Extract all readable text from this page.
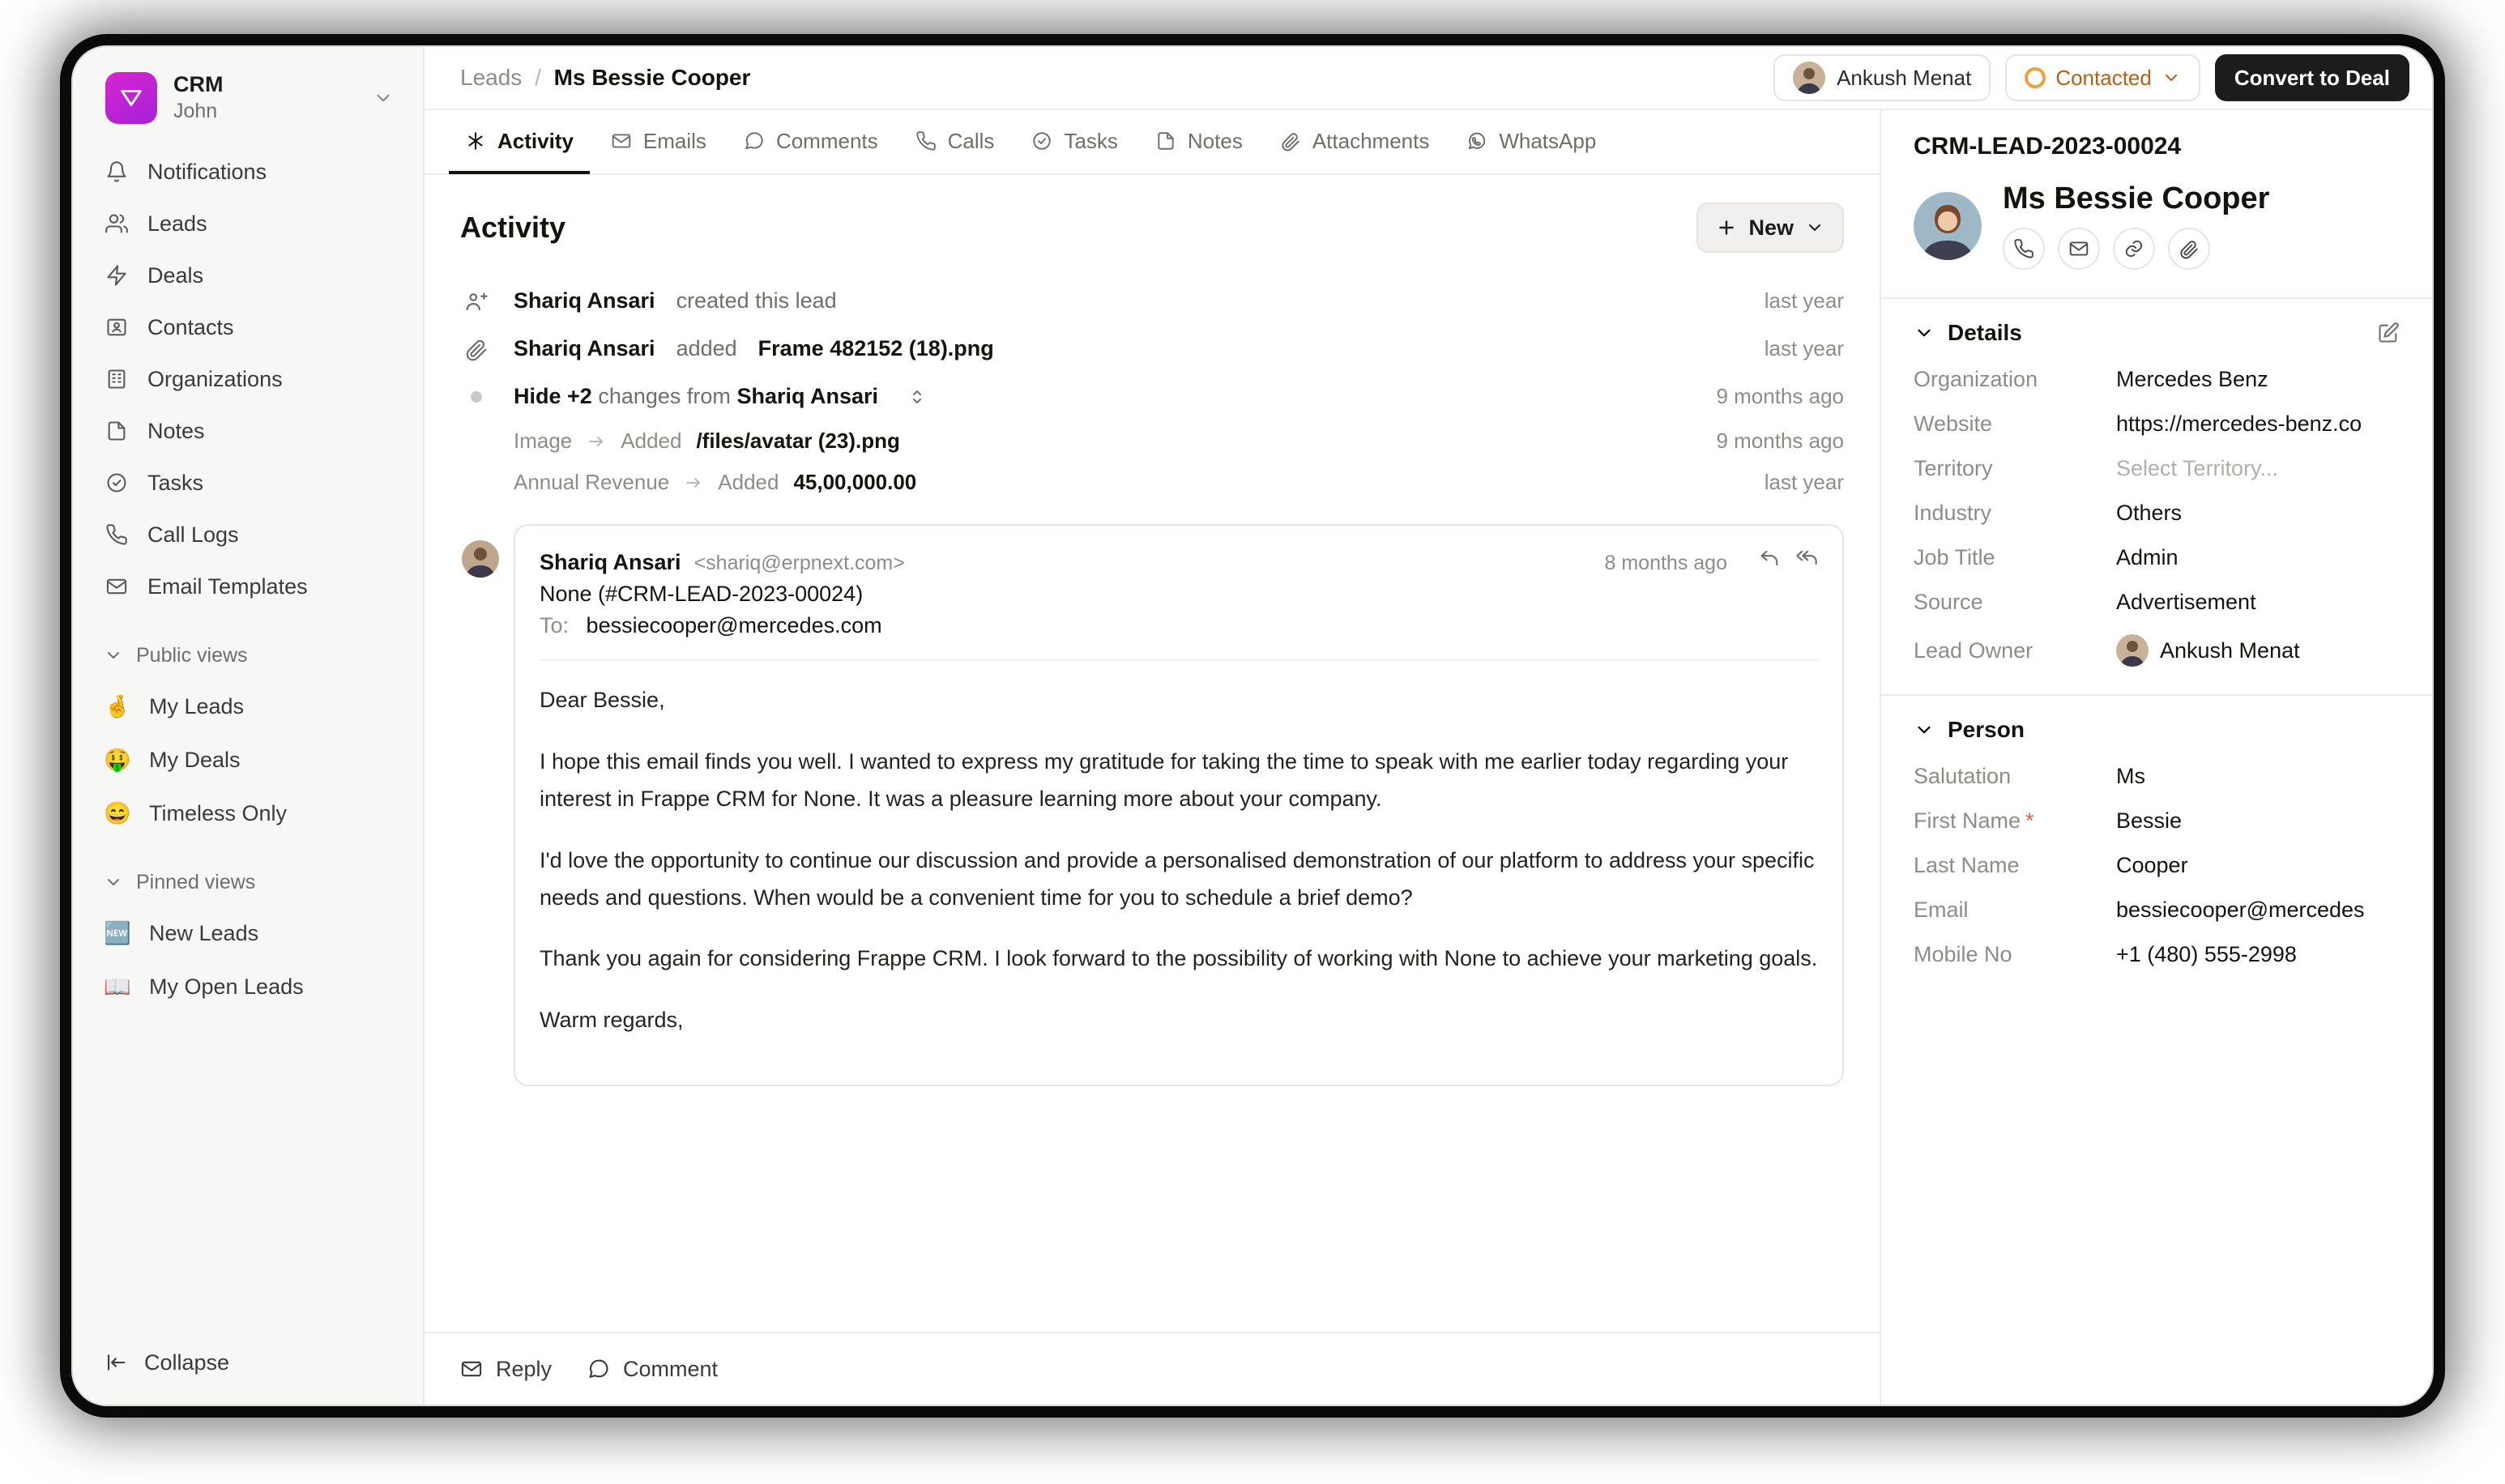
CRM
John
Notifications
Leads
Deals
Contacts
Organizations
Notes
Tasks
Call Logs
Email Templates
Public views
🤞 My Leads
🤑 My Deals
😄 Timeless Only
Pinned views
🆕 New Leads
📖 My Open Leads
Collapse
Leads / Ms Bessie Cooper	Ankush Menat	Contacted	Convert to Deal
Activity	Emails	Comments	Calls	Tasks	Notes	Attachments	WhatsApp
Activity	New
Shariq Ansari created this lead	last year
Shariq Ansari added Frame 482152 (18).png	last year
Hide +2 changes from Shariq Ansari	9 months ago
Image Added /files/avatar (23).png	9 months ago
Annual Revenue Added 45,00,000.00	last year
Shariq Ansari <shariq@erpnext.com>	8 months ago
None (#CRM-LEAD-2023-00024)
To: bessiecooper@mercedes.com

Dear Bessie,

I hope this email finds you well. I wanted to express my gratitude for taking the time to speak with me earlier today regarding your interest in Frappe CRM for None. It was a pleasure learning more about your company.

I'd love the opportunity to continue our discussion and provide a personalised demonstration of our platform to address your specific needs and questions. When would be a convenient time for you to schedule a brief demo?

Thank you again for considering Frappe CRM. I look forward to the possibility of working with None to achieve your marketing goals.

Warm regards,

Reply	Comment
CRM-LEAD-2023-00024
Ms Bessie Cooper
Details
Organization	Mercedes Benz
Website	https://mercedes-benz.co
Territory	Select Territory...
Industry	Others
Job Title	Admin
Source	Advertisement
Lead Owner	Ankush Menat
Person
Salutation	Ms
First Name *	Bessie
Last Name	Cooper
Email	bessiecooper@mercedes
Mobile No	+1 (480) 555-2998
